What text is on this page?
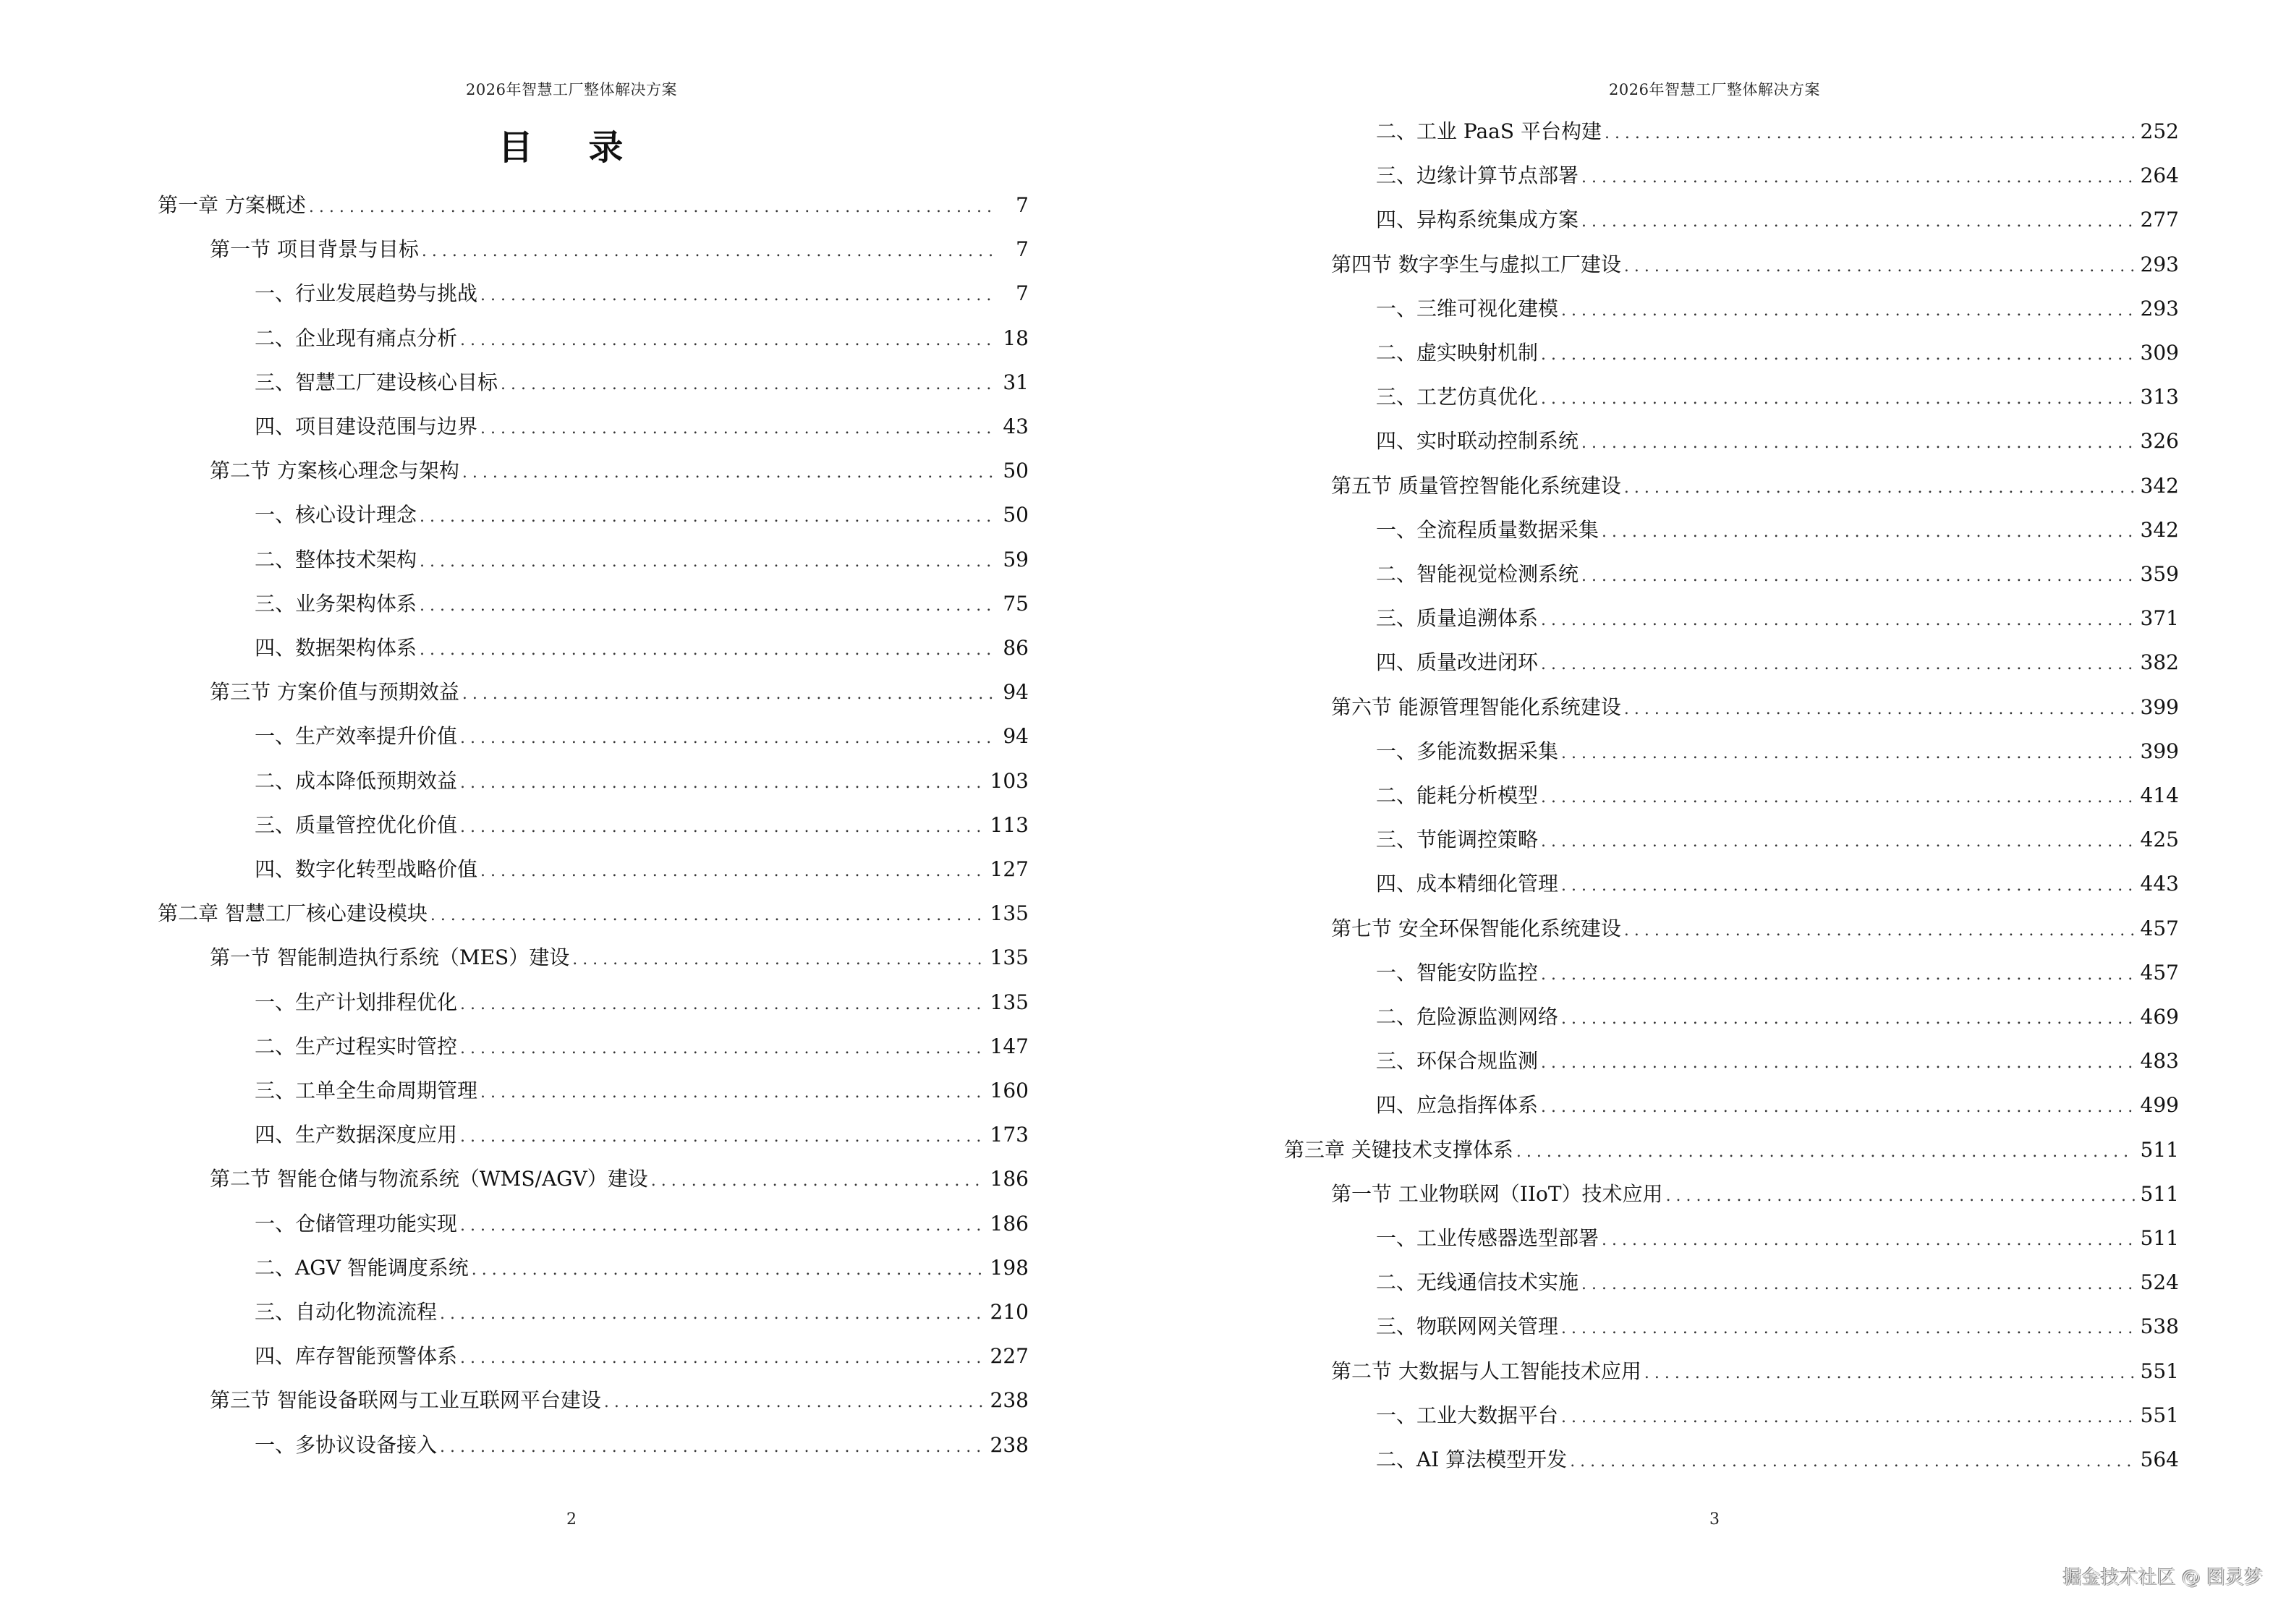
2026年智慧工厂整体解决方案
目 录
第一章 方案概述 . . .	7
第一节 项目背景与目标 . . .	7
一、行业发展趋势与挑战 . . .	7
二、企业现有痛点分析 . . .	18
三、智慧工厂建设核心目标 . . .	31
四、项目建设范围与边界 . . .	43
第二节 方案核心理念与架构 . . .	50
一、核心设计理念 . . .	50
二、整体技术架构 . . .	59
三、业务架构体系 . . .	75
四、数据架构体系 . . .	86
第三节 方案价值与预期效益 . . .	94
一、生产效率提升价值 . . .	94
二、成本降低预期效益 . . .	103
三、质量管控优化价值 . . .	113
四、数字化转型战略价值 . . .	127
第二章 智慧工厂核心建设模块 . . .	135
第一节 智能制造执行系统（MES）建设 . . .	135
一、生产计划排程优化 . . .	135
二、生产过程实时管控 . . .	147
三、工单全生命周期管理 . . .	160
四、生产数据深度应用 . . .	173
第二节 智能仓储与物流系统（WMS/AGV）建设 . . .	186
一、仓储管理功能实现 . . .	186
二、AGV 智能调度系统 . . .	198
三、自动化物流流程 . . .	210
四、库存智能预警体系 . . .	227
第三节 智能设备联网与工业互联网平台建设 . . .	238
一、多协议设备接入 . . .	238
2
2026年智慧工厂整体解决方案
二、工业 PaaS 平台构建 . . .	252
三、边缘计算节点部署 . . .	264
四、异构系统集成方案 . . .	277
第四节 数字孪生与虚拟工厂建设 . . .	293
一、三维可视化建模 . . .	293
二、虚实映射机制 . . .	309
三、工艺仿真优化 . . .	313
四、实时联动控制系统 . . .	326
第五节 质量管控智能化系统建设 . . .	342
一、全流程质量数据采集 . . .	342
二、智能视觉检测系统 . . .	359
三、质量追溯体系 . . .	371
四、质量改进闭环 . . .	382
第六节 能源管理智能化系统建设 . . .	399
一、多能流数据采集 . . .	399
二、能耗分析模型 . . .	414
三、节能调控策略 . . .	425
四、成本精细化管理 . . .	443
第七节 安全环保智能化系统建设 . . .	457
一、智能安防监控 . . .	457
二、危险源监测网络 . . .	469
三、环保合规监测 . . .	483
四、应急指挥体系 . . .	499
第三章 关键技术支撑体系 . . .	511
第一节 工业物联网（IIoT）技术应用 . . .	511
一、工业传感器选型部署 . . .	511
二、无线通信技术实施 . . .	524
三、物联网网关管理 . . .	538
第二节 大数据与人工智能技术应用 . . .	551
一、工业大数据平台 . . .	551
二、AI 算法模型开发 . . .	564
3
掘金技术社区 @ 图灵梦
